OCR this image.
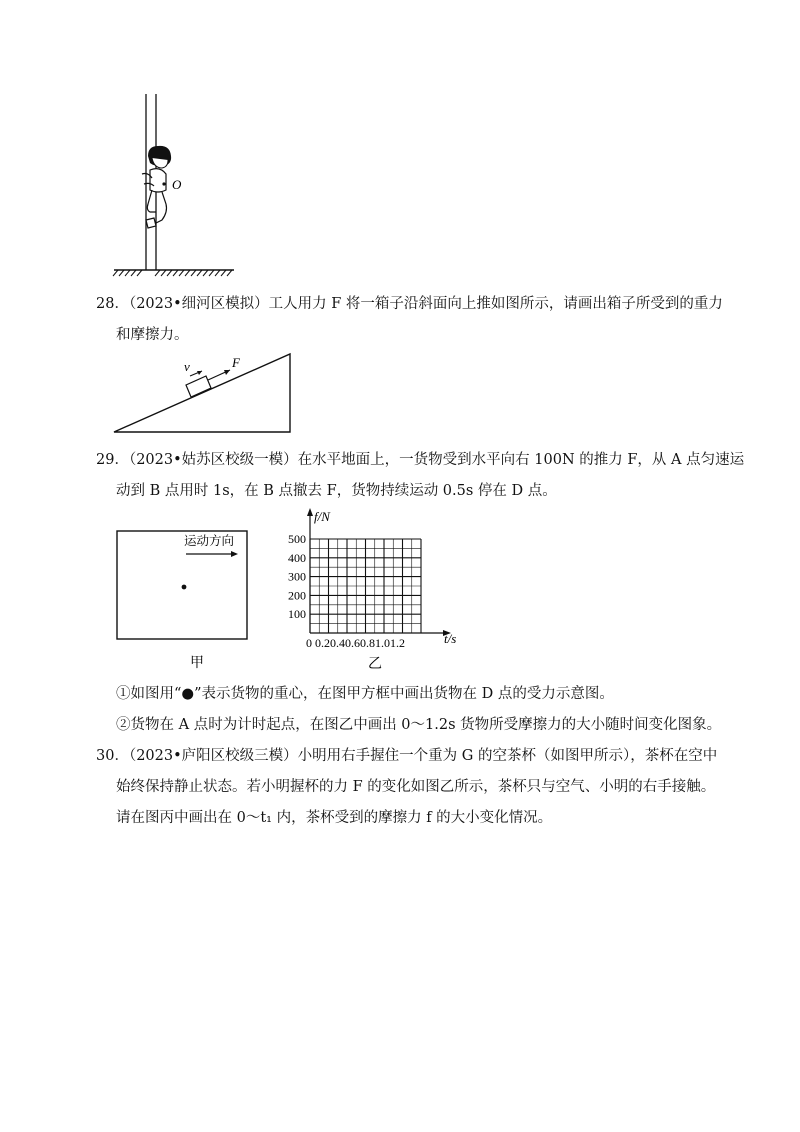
O
28．（2023•细河区模拟）工人用力 F 将一箱子沿斜面向上推如图所示，请画出箱子所受到的重力
和摩擦力。
v	F
29．（2023•姑苏区校级一模）在水平地面上，一货物受到水平向右 100N 的推力 F，从 A 点匀速运
动到 B 点用时 1s，在 B 点撤去 F，货物持续运动 0.5s 停在 D 点。
运动方向
甲
f/N
500
400
300
200
100
0 0.20.40.60.81.01.2	t/s
乙
①如图用“●”表示货物的重心，在图甲方框中画出货物在 D 点的受力示意图。
②货物在 A 点时为计时起点，在图乙中画出 0～1.2s 货物所受摩擦力的大小随时间变化图象。
30．（2023•庐阳区校级三模）小明用右手握住一个重为 G 的空茶杯（如图甲所示），茶杯在空中
始终保持静止状态。若小明握杯的力 F 的变化如图乙所示，茶杯只与空气、小明的右手接触。
请在图丙中画出在 0～t₁ 内，茶杯受到的摩擦力 f 的大小变化情况。
